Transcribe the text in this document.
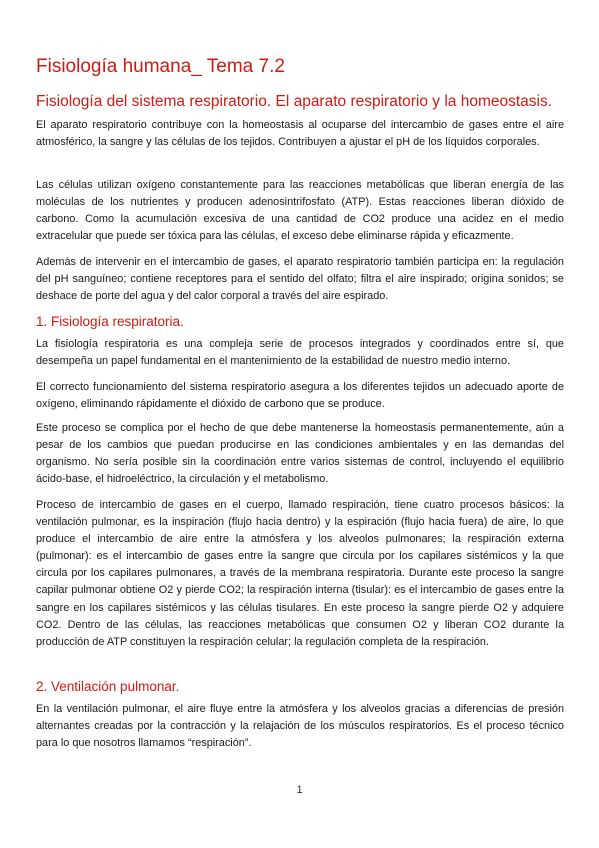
Fisiología humana_ Tema 7.2
Fisiología del sistema respiratorio. El aparato respiratorio y la homeostasis.

El aparato respiratorio contribuye con la homeostasis al ocuparse del intercambio de gases entre el aire atmosférico, la sangre y las células de los tejidos. Contribuyen a ajustar el pH de los líquidos corporales.

Las células utilizan oxígeno constantemente para las reacciones metabólicas que liberan energía de las moléculas de los nutrientes y producen adenosintrifosfato (ATP). Estas reacciones liberan dióxido de carbono. Como la acumulación excesiva de una cantidad de CO2 produce una acidez en el medio extracelular que puede ser tóxica para las células, el exceso debe eliminarse rápida y eficazmente.

Además de intervenir en el intercambio de gases, el aparato respiratorio también participa en: la regulación del pH sanguíneo; contiene receptores para el sentido del olfato; filtra el aire inspirado; origina sonidos; se deshace de porte del agua y del calor corporal a través del aire espirado.

1. Fisiología respiratoria.

La fisiología respiratoria es una compleja serie de procesos integrados y coordinados entre sí, que desempeña un papel fundamental en el mantenimiento de la estabilidad de nuestro medio interno.

El correcto funcionamiento del sistema respiratorio asegura a los diferentes tejidos un adecuado aporte de oxígeno, eliminando rápidamente el dióxido de carbono que se produce.

Este proceso se complica por el hecho de que debe mantenerse la homeostasis permanentemente, aún a pesar de los cambios que puedan producirse en las condiciones ambientales y en las demandas del organismo. No sería posible sin la coordinación entre varios sistemas de control, incluyendo el equilibrio ácido-base, el hidroeléctrico, la circulación y el metabolismo.

Proceso de intercambio de gases en el cuerpo, llamado respiración, tiene cuatro procesos básicos: la ventilación pulmonar, es la inspiración (flujo hacia dentro) y la espiración (flujo hacia fuera) de aire, lo que produce el intercambio de aire entre la atmósfera y los alveolos pulmonares; la respiración externa (pulmonar): es el intercambio de gases entre la sangre que circula por los capilares sistémicos y la que circula por los capilares pulmonares, a través de la membrana respiratoria. Durante este proceso la sangre capilar pulmonar obtiene O2 y pierde CO2; la respiración interna (tisular): es el intercambio de gases entre la sangre en los capilares sistémicos y las células tisulares. En este proceso la sangre pierde O2 y adquiere CO2. Dentro de las células, las reacciones metabólicas que consumen O2 y liberan CO2 durante la producción de ATP constituyen la respiración celular; la regulación completa de la respiración.

2. Ventilación pulmonar.

En la ventilación pulmonar, el aire fluye entre la atmósfera y los alveolos gracias a diferencias de presión alternantes creadas por la contracción y la relajación de los músculos respiratorios. Es el proceso técnico para lo que nosotros llamamos “respiración”.

1
